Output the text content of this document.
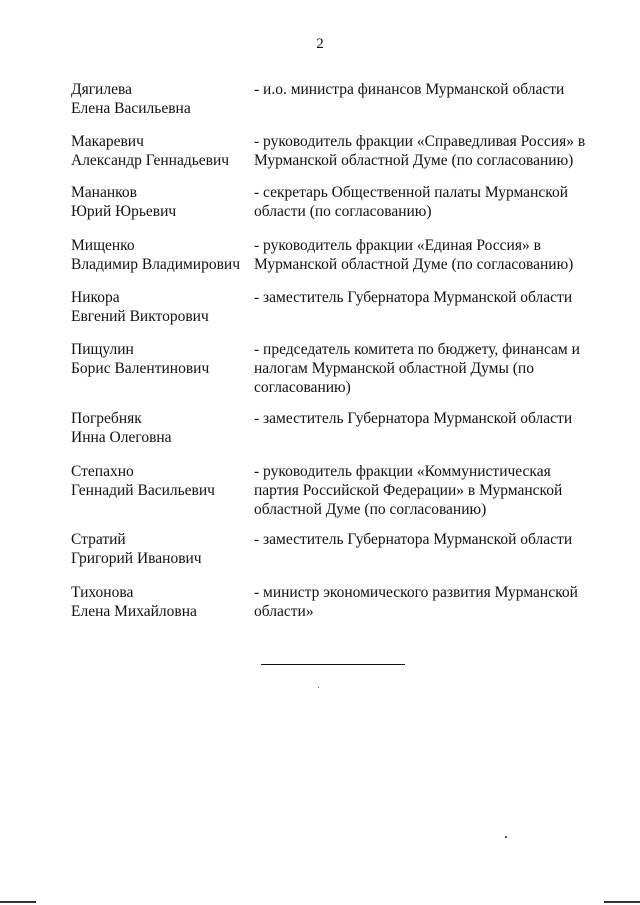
2
Дягилева
Елена Васильевна
- и.о. министра финансов Мурманской области
Макаревич
Александр Геннадьевич
- руководитель фракции «Справедливая Россия» в
Мурманской областной Думе (по согласованию)
Мананков
Юрий Юрьевич
- секретарь Общественной палаты Мурманской
области (по согласованию)
Мищенко
Владимир Владимирович
- руководитель фракции «Единая Россия» в
Мурманской областной Думе (по согласованию)
Никора
Евгений Викторович
- заместитель Губернатора Мурманской области
Пищулин
Борис Валентинович
- председатель комитета по бюджету, финансам и
налогам Мурманской областной Думы (по
согласованию)
Погребняк
Инна Олеговна
- заместитель Губернатора Мурманской области
Степахно
Геннадий Васильевич
- руководитель фракции «Коммунистическая
партия Российской Федерации» в Мурманской
областной Думе (по согласованию)
Стратий
Григорий Иванович
- заместитель Губернатора Мурманской области
Тихонова
Елена Михайловна
- министр экономического развития Мурманской
области»
